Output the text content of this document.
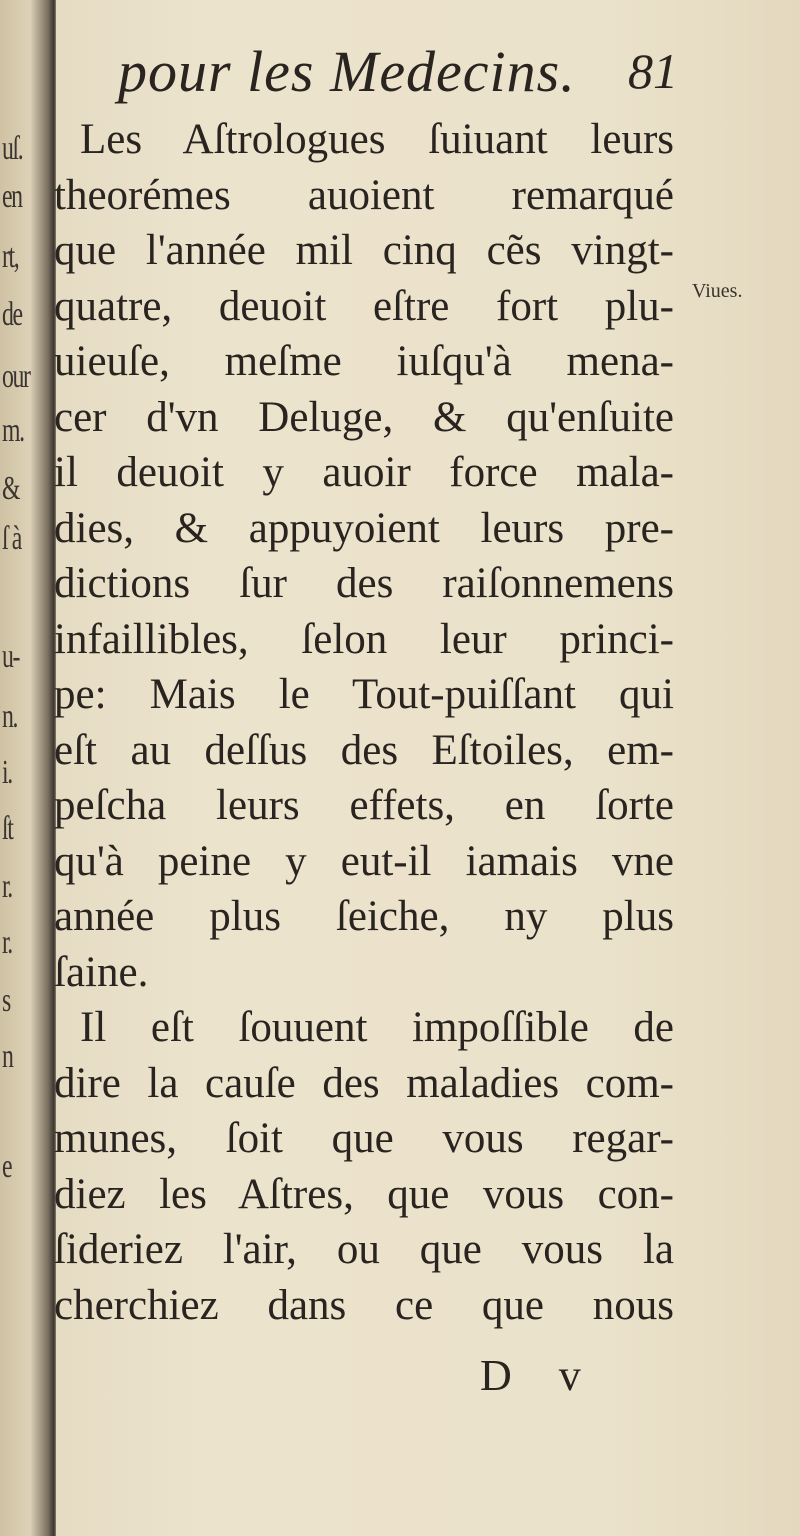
uſ.
en
rt,
de
our
m.
&
ſ à
u-
n.
i.
ſt
r.
r.
s
n
e
pour les Medecins. 81
Viues.
Les Aſtrologues ſuiuant leurs
theorémes auoient remarqué
que l'année mil cinq cẽs vingt-
quatre, deuoit eſtre fort plu-
uieuſe, meſme iuſqu'à mena-
cer d'vn Deluge, & qu'enſuite
il deuoit y auoir force mala-
dies, & appuyoient leurs pre-
dictions ſur des raiſonnemens
infaillibles, ſelon leur princi-
pe: Mais le Tout-puiſſant qui
eſt au deſſus des Eſtoiles, em-
peſcha leurs effets, en ſorte
qu'à peine y eut-il iamais vne
année plus ſeiche, ny plus
ſaine.
Il eſt ſouuent impoſſible de
dire la cauſe des maladies com-
munes, ſoit que vous regar-
diez les Aſtres, que vous con-
ſideriez l'air, ou que vous la
cherchiez dans ce que nous
D v
